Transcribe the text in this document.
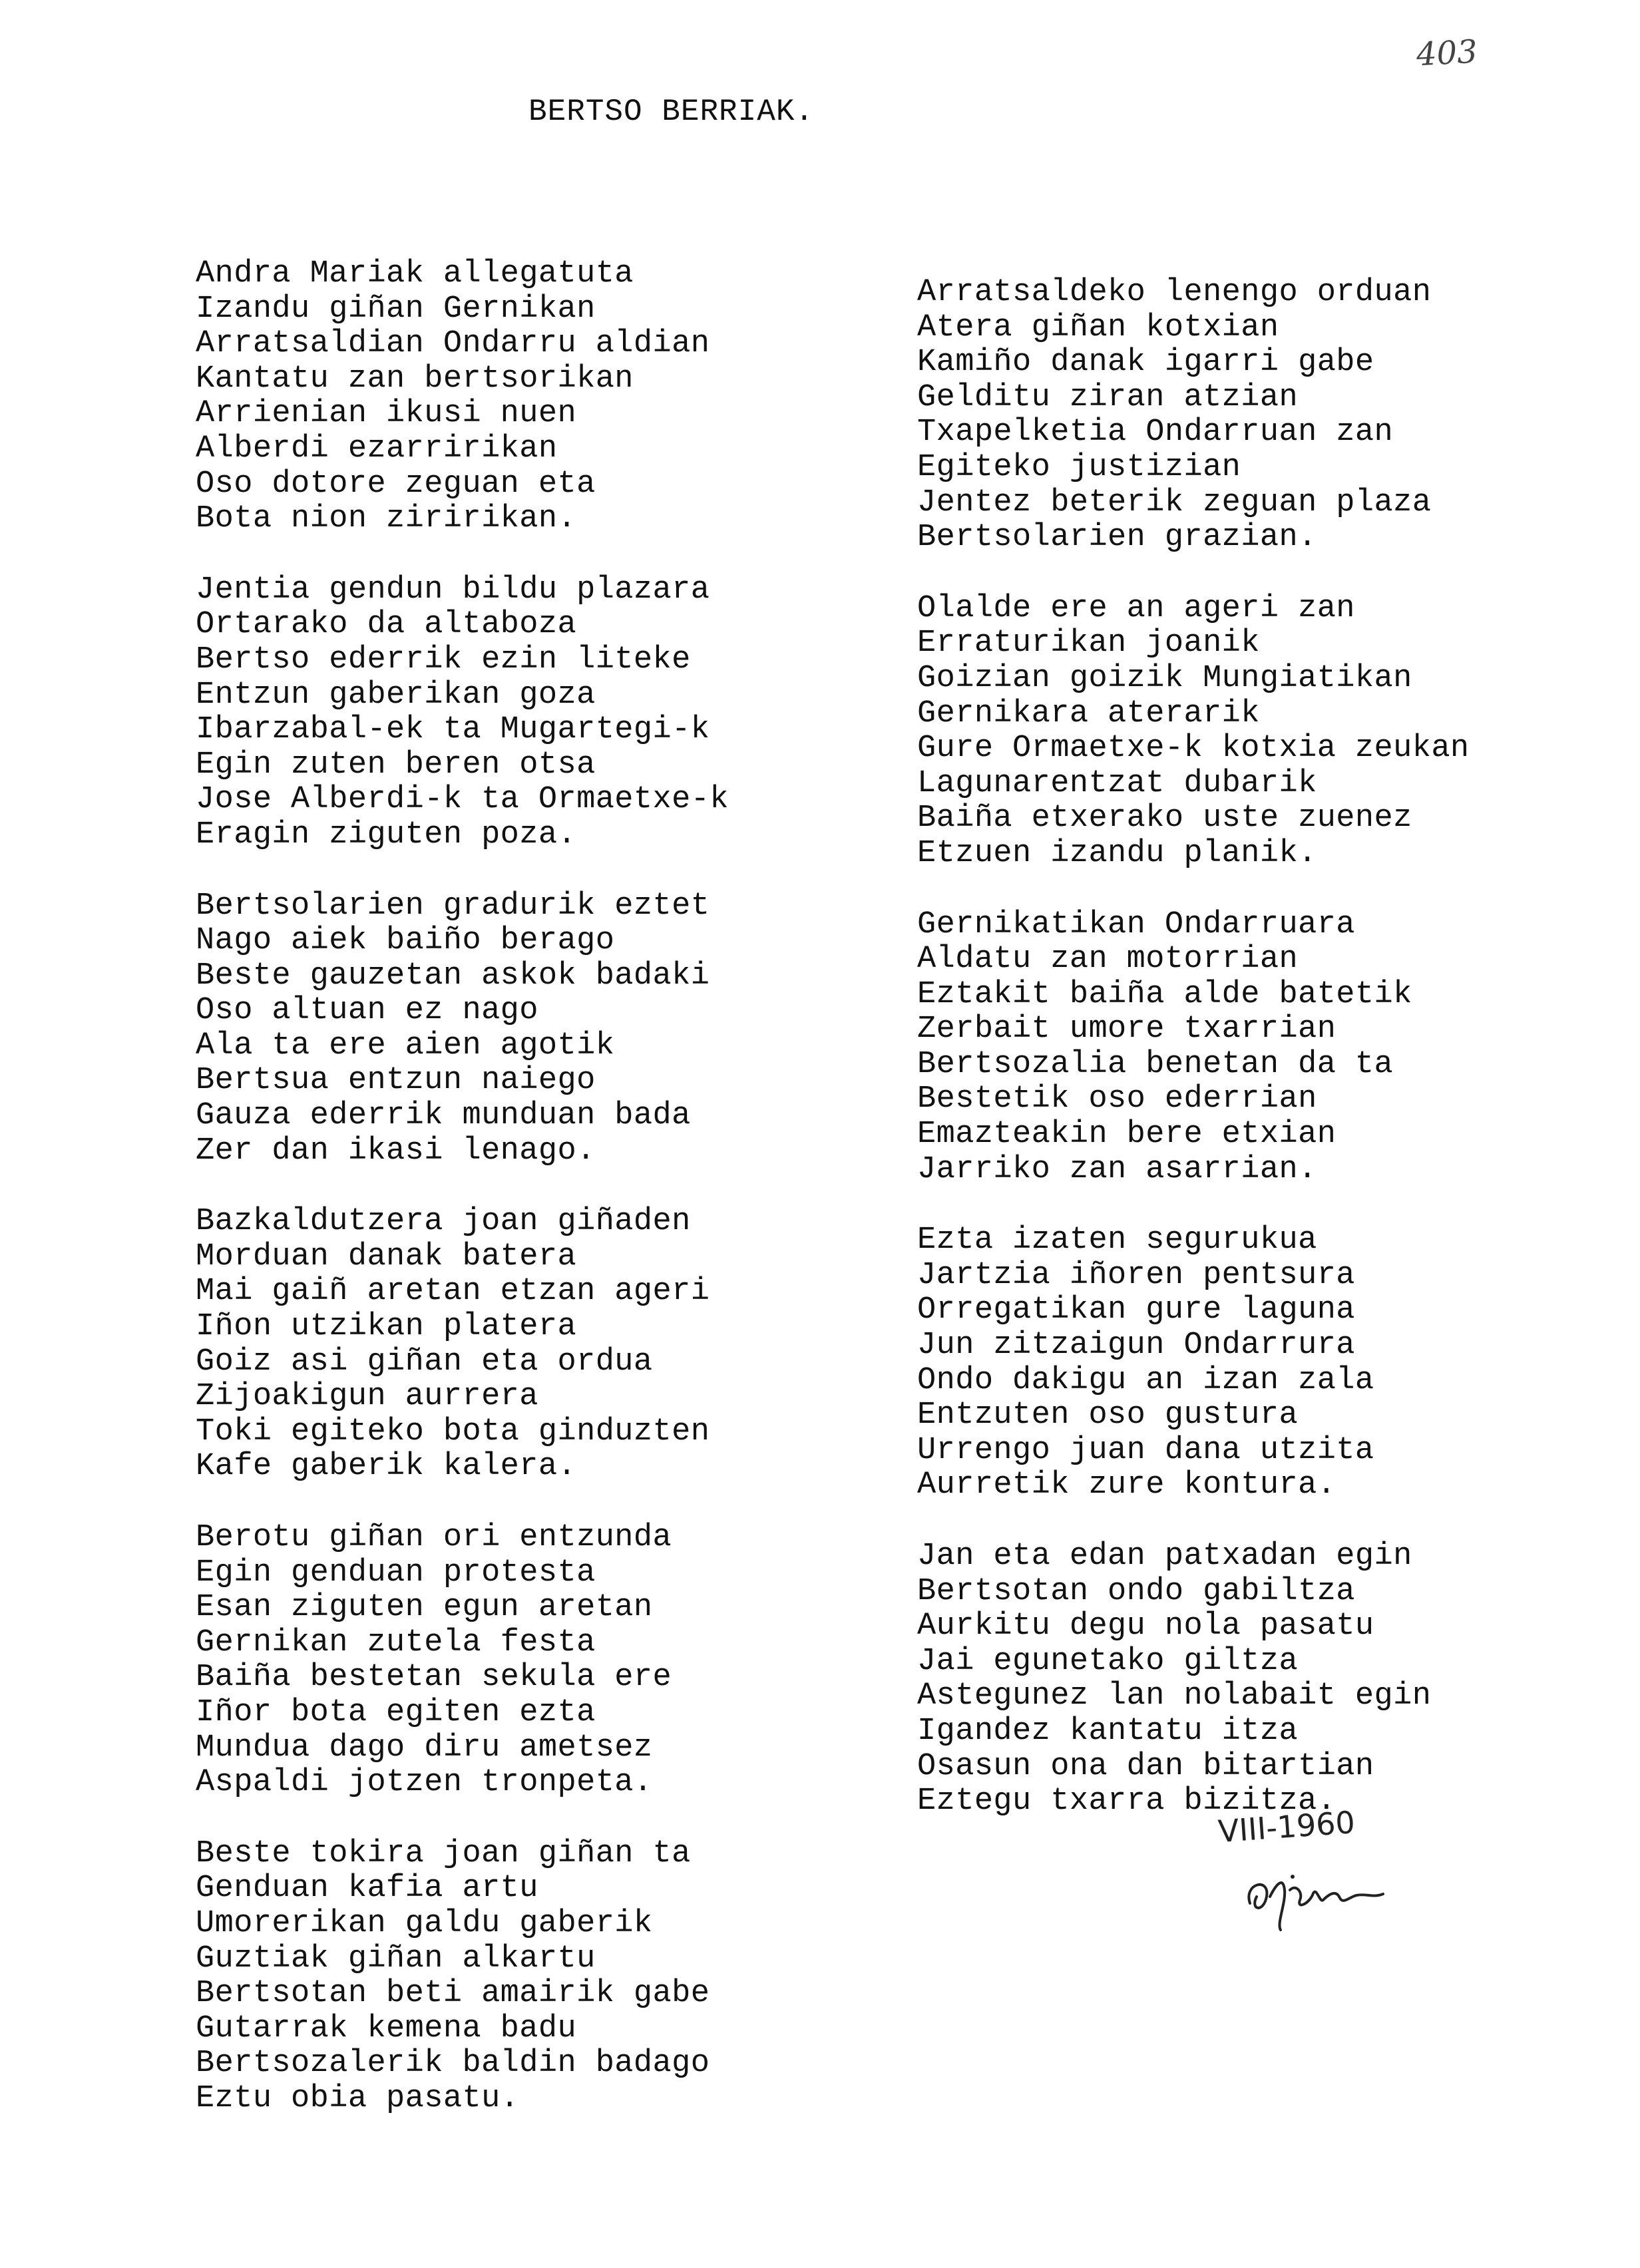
403
BERTSO BERRIAK.
Andra Mariak allegatuta
Izandu giñan Gernikan
Arratsaldian Ondarru aldian
Kantatu zan bertsorikan
Arrienian ikusi nuen
Alberdi ezarririkan
Oso dotore zeguan eta
Bota nion ziririkan.
Jentia gendun bildu plazara
Ortarako da altaboza
Bertso ederrik ezin liteke
Entzun gaberikan goza
Ibarzabal-ek ta Mugartegi-k
Egin zuten beren otsa
Jose Alberdi-k ta Ormaetxe-k
Eragin ziguten poza.
Bertsolarien gradurik eztet
Nago aiek baiño berago
Beste gauzetan askok badaki
Oso altuan ez nago
Ala ta ere aien agotik
Bertsua entzun naiego
Gauza ederrik munduan bada
Zer dan ikasi lenago.
Bazkaldutzera joan giñaden
Morduan danak batera
Mai gaiñ aretan etzan ageri
Iñon utzikan platera
Goiz asi giñan eta ordua
Zijoakigun aurrera
Toki egiteko bota ginduzten
Kafe gaberik kalera.
Berotu giñan ori entzunda
Egin genduan protesta
Esan ziguten egun aretan
Gernikan zutela festa
Baiña bestetan sekula ere
Iñor bota egiten ezta
Mundua dago diru ametsez
Aspaldi jotzen tronpeta.
Beste tokira joan giñan ta
Genduan kafia artu
Umorerikan galdu gaberik
Guztiak giñan alkartu
Bertsotan beti amairik gabe
Gutarrak kemena badu
Bertsozalerik baldin badago
Eztu obia pasatu.
Arratsaldeko lenengo orduan
Atera giñan kotxian
Kamiño danak igarri gabe
Gelditu ziran atzian
Txapelketia Ondarruan zan
Egiteko justizian
Jentez beterik zeguan plaza
Bertsolarien grazian.
Olalde ere an ageri zan
Erraturikan joanik
Goizian goizik Mungiatikan
Gernikara aterarik
Gure Ormaetxe-k kotxia zeukan
Lagunarentzat dubarik
Baiña etxerako uste zuenez
Etzuen izandu planik.
Gernikatikan Ondarruara
Aldatu zan motorrian
Eztakit baiña alde batetik
Zerbait umore txarrian
Bertsozalia benetan da ta
Bestetik oso ederrian
Emazteakin bere etxian
Jarriko zan asarrian.
Ezta izaten segurukua
Jartzia iñoren pentsura
Orregatikan gure laguna
Jun zitzaigun Ondarrura
Ondo dakigu an izan zala
Entzuten oso gustura
Urrengo juan dana utzita
Aurretik zure kontura.
Jan eta edan patxadan egin
Bertsotan ondo gabiltza
Aurkitu degu nola pasatu
Jai egunetako giltza
Astegunez lan nolabait egin
Igandez kantatu itza
Osasun ona dan bitartian
Eztegu txarra bizitza.
VIII-1960
